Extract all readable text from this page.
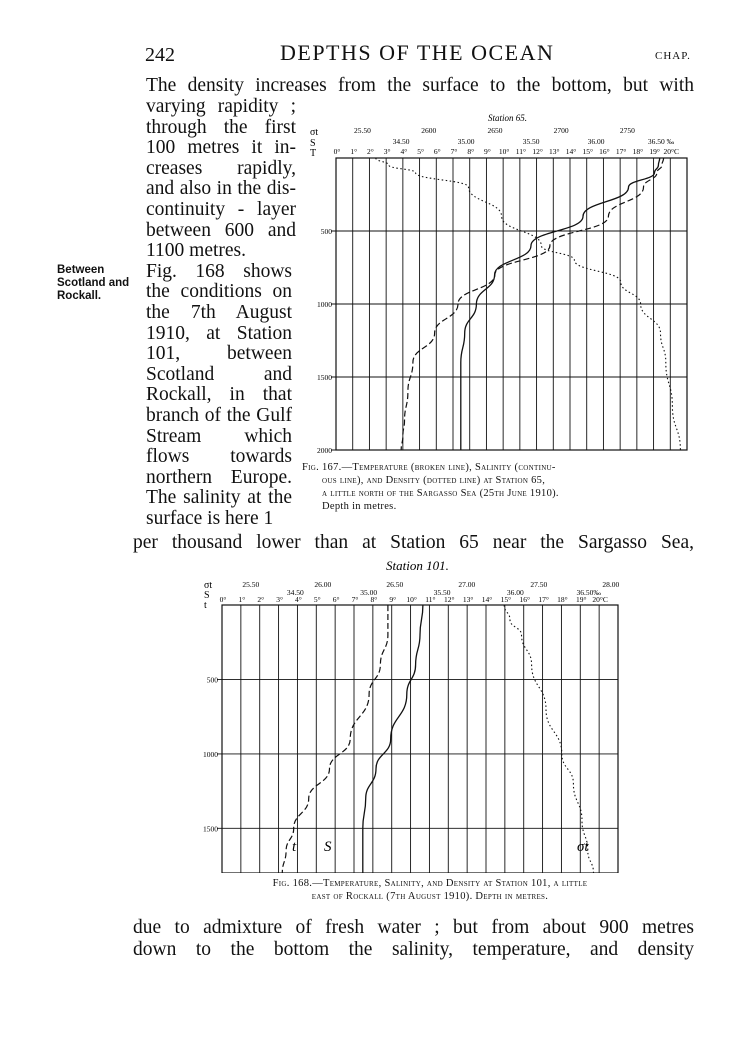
242	DEPTHS OF THE OCEAN	CHAP.
The density increases from the surface to the bottom, but with
varying rapidity ;
through the first
100 metres it in-
creases rapidly,
and also in the dis-
continuity - layer
between 600 and
1100 metres.
Fig. 168 shows
the conditions on
the 7th August
1910, at Station
101, between
Scotland and
Rockall, in that
branch of the Gulf
Stream which
flows towards
northern Europe.
The salinity at the
surface is here 1
Between
Scotland and
Rockall.
0° 1° 2° 3° 4° 5° 6° 7° 8° 9° 10° 11° 12° 13° 14° 15° 16° 17° 18° 19° 20°C
25.50	2600	2650	2700	2750
34.50	35.00	35.50	36.00	36.50 ‰
500
1000
1500
2000
Station 65.
σt
S
T
Fig. 167.—Temperature (broken line), Salinity (continu-
ous line), and Density (dotted line) at Station 65,
a little north of the Sargasso Sea (25th June 1910).
Depth in metres.
per thousand lower than at Station 65 near the Sargasso Sea,
0° 1° 2° 3° 4° 5° 6° 7° 8° 9° 10° 11° 12° 13° 14° 15° 16° 17° 18° 19° 20°C
25.50	26.00	26.50	27.00	27.50	28.00
34.50	35.00	35.50	36.00	36.50‰
500
1000
1500
t S	σt
Station 101.
σt
S
t
Fig. 168.—Temperature, Salinity, and Density at Station 101, a little
east of Rockall (7th August 1910). Depth in metres.
due to admixture of fresh water ; but from about 900 metres
down to the bottom the salinity, temperature, and density
